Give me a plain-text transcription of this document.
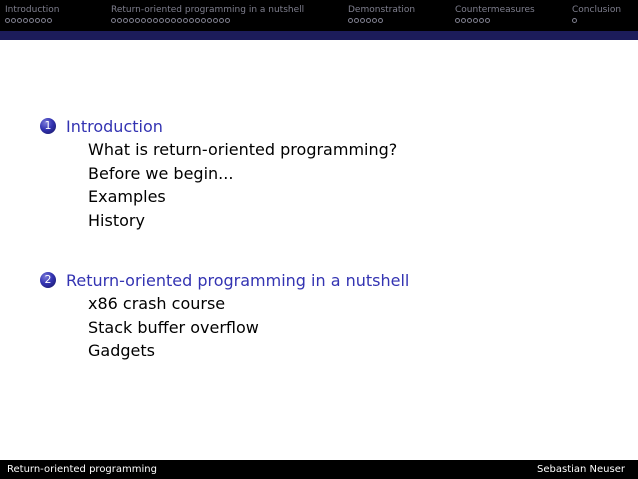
Introduction	Return-oriented programming in a nutshell	Demonstration	Countermeasures	Conclusion
1 Introduction
What is return-oriented programming?
Before we begin...
Examples
History
2 Return-oriented programming in a nutshell
x86 crash course
Stack buffer overflow
Gadgets
Return-oriented programming	Sebastian Neuser
